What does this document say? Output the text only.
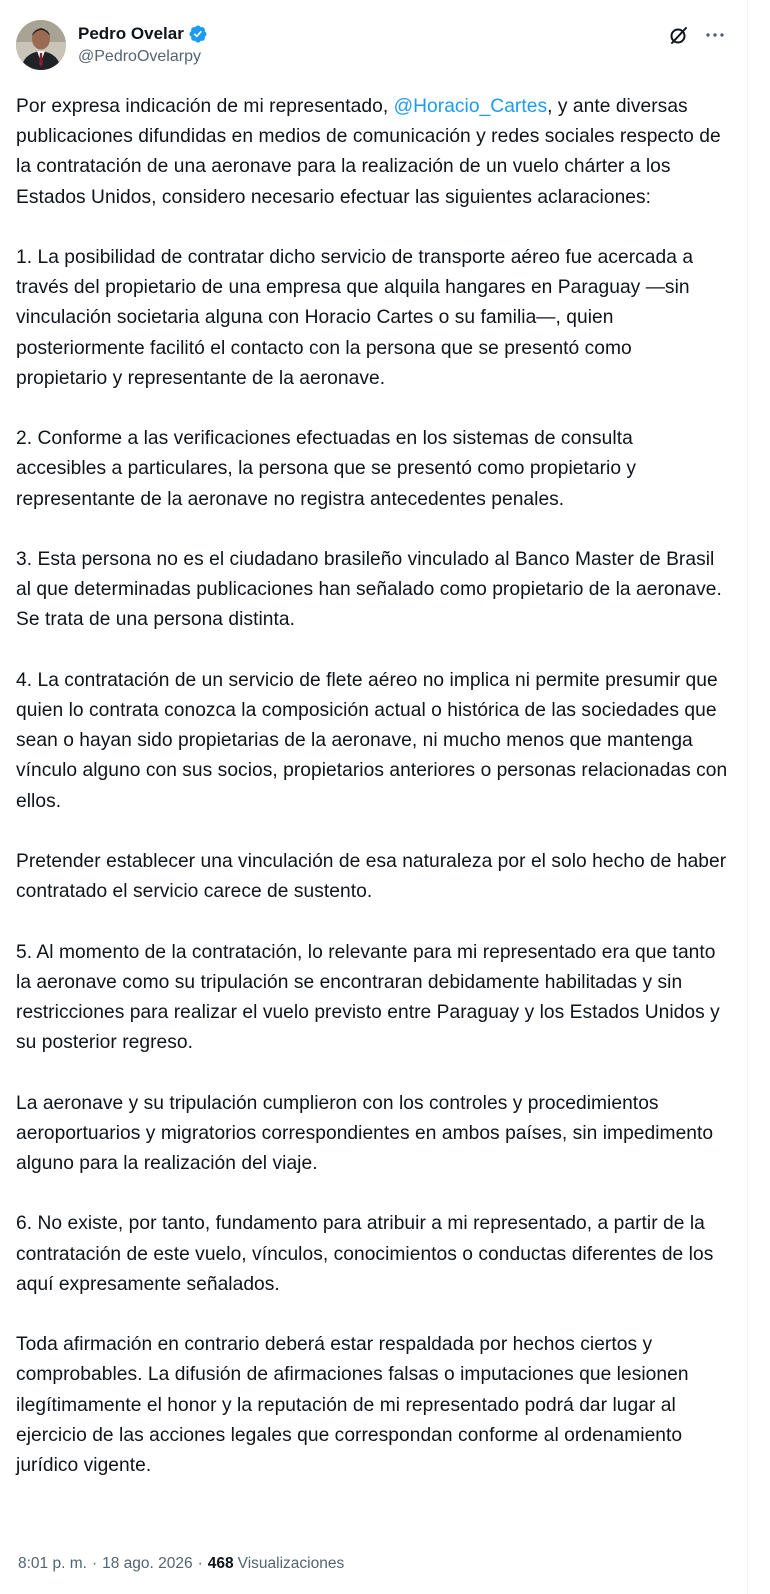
Pedro Ovelar
@PedroOvelarpy

Por expresa indicación de mi representado, @Horacio_Cartes, y ante diversas publicaciones difundidas en medios de comunicación y redes sociales respecto de la contratación de una aeronave para la realización de un vuelo chárter a los Estados Unidos, considero necesario efectuar las siguientes aclaraciones:

1. La posibilidad de contratar dicho servicio de transporte aéreo fue acercada a través del propietario de una empresa que alquila hangares en Paraguay —sin vinculación societaria alguna con Horacio Cartes o su familia—, quien posteriormente facilitó el contacto con la persona que se presentó como propietario y representante de la aeronave.

2. Conforme a las verificaciones efectuadas en los sistemas de consulta accesibles a particulares, la persona que se presentó como propietario y representante de la aeronave no registra antecedentes penales.

3. Esta persona no es el ciudadano brasileño vinculado al Banco Master de Brasil al que determinadas publicaciones han señalado como propietario de la aeronave. Se trata de una persona distinta.

4. La contratación de un servicio de flete aéreo no implica ni permite presumir que quien lo contrata conozca la composición actual o histórica de las sociedades que sean o hayan sido propietarias de la aeronave, ni mucho menos que mantenga vínculo alguno con sus socios, propietarios anteriores o personas relacionadas con ellos.

Pretender establecer una vinculación de esa naturaleza por el solo hecho de haber contratado el servicio carece de sustento.

5. Al momento de la contratación, lo relevante para mi representado era que tanto la aeronave como su tripulación se encontraran debidamente habilitadas y sin restricciones para realizar el vuelo previsto entre Paraguay y los Estados Unidos y su posterior regreso.

La aeronave y su tripulación cumplieron con los controles y procedimientos aeroportuarios y migratorios correspondientes en ambos países, sin impedimento alguno para la realización del viaje.

6. No existe, por tanto, fundamento para atribuir a mi representado, a partir de la contratación de este vuelo, vínculos, conocimientos o conductas diferentes de los aquí expresamente señalados.

Toda afirmación en contrario deberá estar respaldada por hechos ciertos y comprobables. La difusión de afirmaciones falsas o imputaciones que lesionen ilegítimamente el honor y la reputación de mi representado podrá dar lugar al ejercicio de las acciones legales que correspondan conforme al ordenamiento jurídico vigente.

8:01 p. m. · 18 ago. 2026 · 468 Visualizaciones
